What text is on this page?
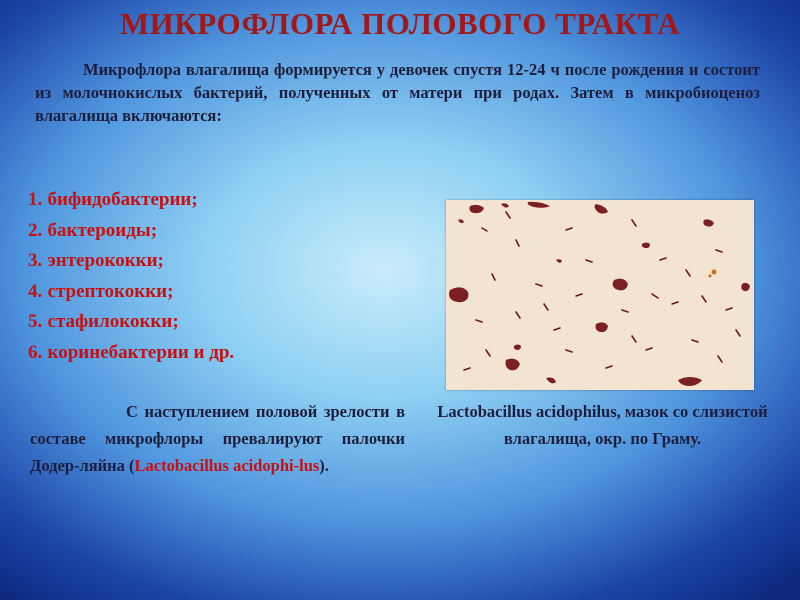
МИКРОФЛОРА ПОЛОВОГО ТРАКТА

Микрофлора влагалища формируется у девочек спустя 12-24 ч после рождения и состоит из молочнокислых бактерий, полученных от матери при родах. Затем в микробиоценоз влагалища включаются:

1. бифидобактерии;
2. бактероиды;
3. энтерококки;
4. стрептококки;
5. стафилококки;
6. коринебактерии и др.

С наступлением половой зрелости в составе микрофлоры превалируют палочки Додер-ляйна (Lactobacillus acidophi-lus).

Lactobacillus acidophilus, мазок со слизистой влагалища, окр. по Граму.
